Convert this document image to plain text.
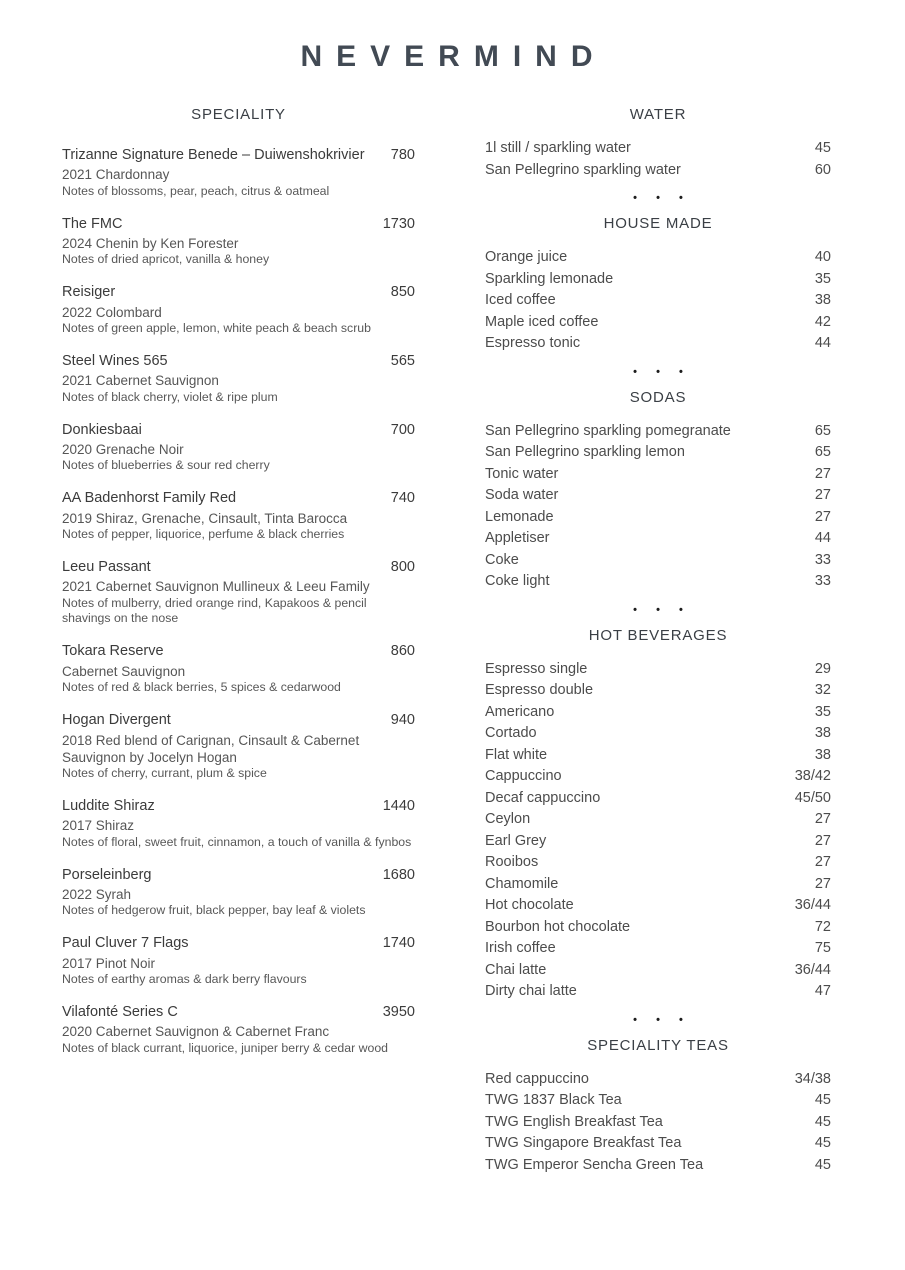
NEVERMIND
SPECIALITY
Trizanne Signature Benede – Duiwenshokrivier	780
2021 Chardonnay
Notes of blossoms, pear, peach, citrus & oatmeal
The FMC	1730
2024 Chenin by Ken Forester
Notes of dried apricot, vanilla & honey
Reisiger	850
2022 Colombard
Notes of green apple, lemon, white peach & beach scrub
Steel Wines 565	565
2021 Cabernet Sauvignon
Notes of black cherry, violet & ripe plum
Donkiesbaai	700
2020 Grenache Noir
Notes of blueberries & sour red cherry
AA Badenhorst Family Red	740
2019 Shiraz, Grenache, Cinsault, Tinta Barocca
Notes of pepper, liquorice, perfume & black cherries
Leeu Passant	800
2021 Cabernet Sauvignon Mullineux & Leeu Family
Notes of mulberry, dried orange rind, Kapakoos & pencil shavings on the nose
Tokara Reserve	860
Cabernet Sauvignon
Notes of red & black berries, 5 spices & cedarwood
Hogan Divergent	940
2018 Red blend of Carignan, Cinsault & Cabernet Sauvignon by Jocelyn Hogan
Notes of cherry, currant, plum & spice
Luddite Shiraz	1440
2017 Shiraz
Notes of floral, sweet fruit, cinnamon, a touch of vanilla & fynbos
Porseleinberg	1680
2022 Syrah
Notes of hedgerow fruit, black pepper, bay leaf & violets
Paul Cluver 7 Flags	1740
2017 Pinot Noir
Notes of earthy aromas & dark berry flavours
Vilafonté Series C	3950
2020 Cabernet Sauvignon & Cabernet Franc
Notes of black currant, liquorice, juniper berry & cedar wood
WATER
1l still / sparkling water	45
San Pellegrino sparkling water	60
• • •
HOUSE MADE
Orange juice	40
Sparkling lemonade	35
Iced coffee	38
Maple iced coffee	42
Espresso tonic	44
• • •
SODAS
San Pellegrino sparkling pomegranate	65
San Pellegrino sparkling lemon	65
Tonic water	27
Soda water	27
Lemonade	27
Appletiser	44
Coke	33
Coke light	33
• • •
HOT BEVERAGES
Espresso single	29
Espresso double	32
Americano	35
Cortado	38
Flat white	38
Cappuccino	38/42
Decaf cappuccino	45/50
Ceylon	27
Earl Grey	27
Rooibos	27
Chamomile	27
Hot chocolate	36/44
Bourbon hot chocolate	72
Irish coffee	75
Chai latte	36/44
Dirty chai latte	47
• • •
SPECIALITY TEAS
Red cappuccino	34/38
TWG 1837 Black Tea	45
TWG English Breakfast Tea	45
TWG Singapore Breakfast Tea	45
TWG Emperor Sencha Green Tea	45
